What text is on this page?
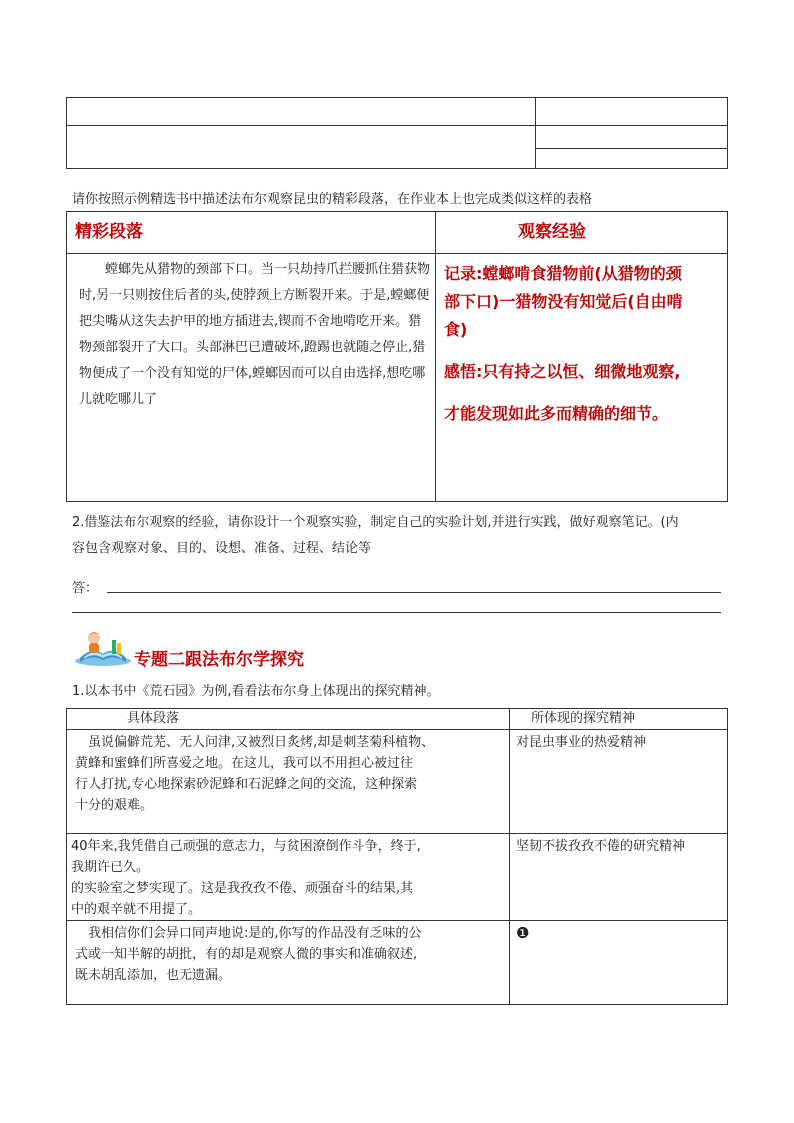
请你按照示例精选书中描述法布尔观察昆虫的精彩段落，在作业本上也完成类似这样的表格
精彩段落	观察经验

螳螂先从猎物的颈部下口。当一只劫持爪拦腰抓住猎获物时,另一只则按住后者的头,使脖颈上方断裂开来。于是,螳螂便把尖嘴从这失去护甲的地方插进去,锲而不舍地啃吃开来。猎物颈部裂开了大口。头部淋巴已遭破坏,蹬踢也就随之停止,猎物便成了一个没有知觉的尸体,螳螂因而可以自由选择,想吃哪儿就吃哪儿了	记录:螳螂啃食猎物前(从猎物的颈
部下口)一猎物没有知觉后(自由啃
食)
感悟:只有持之以恒、细微地观察,
才能发现如此多而精确的细节。
2.借鉴法布尔观察的经验，请你设计一个观察实验，制定自己的实验计划,并进行实践，做好观察笔记。(内
容包含观察对象、目的、设想、准备、过程、结论等
答：
专题二跟法布尔学探究
1.以本书中《荒石园》为例,看看法布尔身上体现出的探究精神。
具体段落	所体现的探究精神

　虽说偏僻荒芜、无人问津,又被烈日炙烤,却是刺茎菊科植物、
黄蜂和蜜蜂们所喜爱之地。在这儿，我可以不用担心被过往
行人打扰,专心地探索砂泥蜂和石泥蜂之间的交流，这种探索
十分的艰难。	对昆虫事业的热爱精神

40年来,我凭借自己顽强的意志力，与贫困潦倒作斗争，终于,
我期许已久。
的实验室之梦实现了。这是我孜孜不倦、顽强奋斗的结果,其
中的艰辛就不用提了。	坚韧不拔孜孜不倦的研究精神

　我相信你们会异口同声地说:是的,你写的作品没有乏味的公
式或一知半解的胡批，有的却是观察人微的事实和准确叙述,
既未胡乱添加，也无遗漏。	❶
